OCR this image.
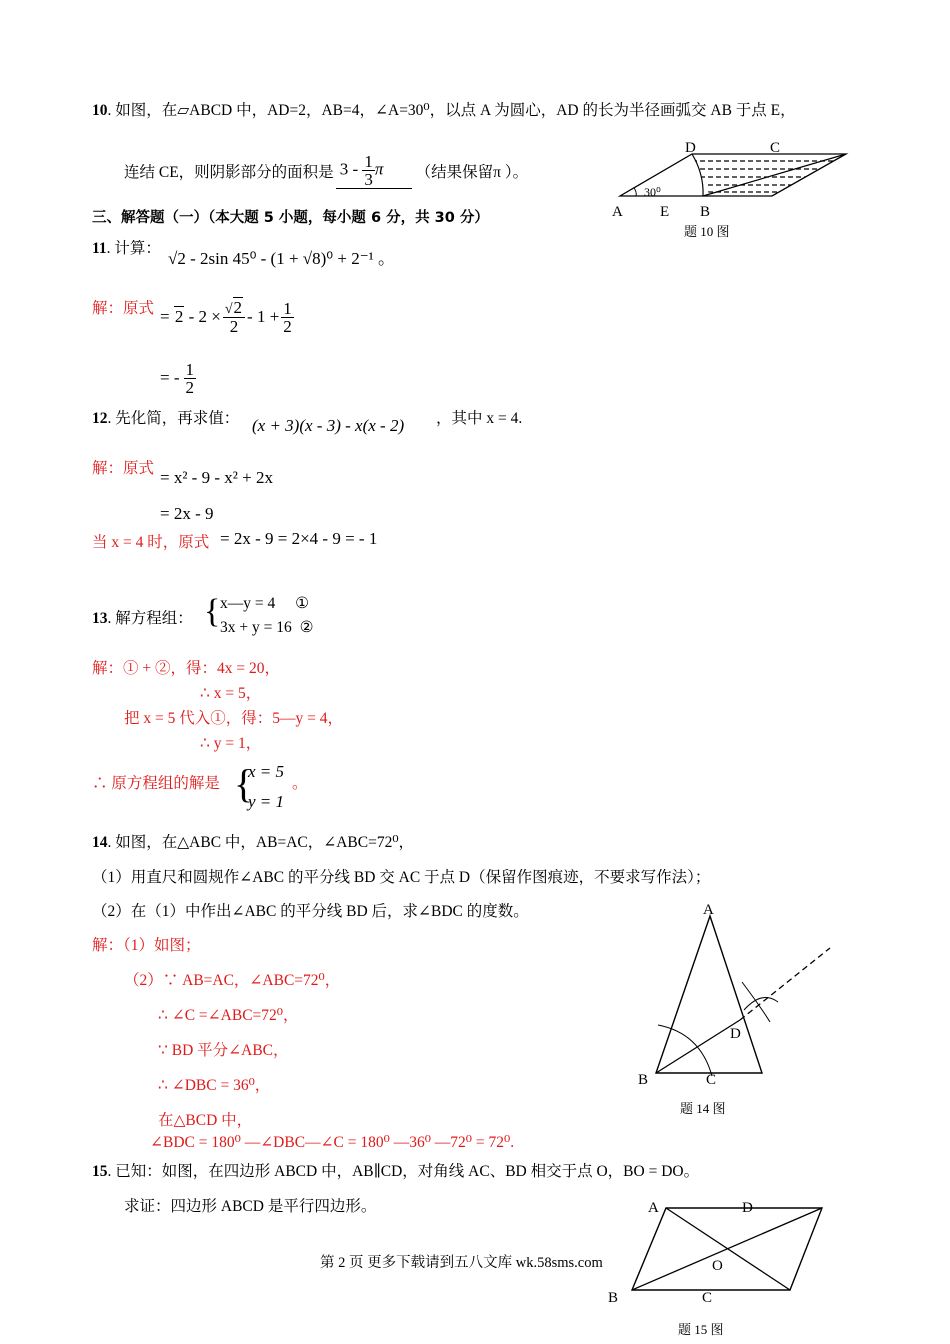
10. 如图，在▱ABCD 中，AD=2，AB=4，∠A=30⁰，以点 A 为圆心，AD 的长为半径画弧交 AB 于点 E，
连结 CE，则阴影部分的面积是 $3 - \frac{1}{3}$ π	（结果保留π ）。
D	C
A E B
30⁰
题 10 图
三、解答题（一）（本大题 5 小题，每小题 6 分，共 30 分）
11. 计算：
√2 - 2sin 45⁰ - (1 + √8)⁰ + 2⁻¹ 。
解：原式 = $2 - 2 \times \frac{√2}{2} - 1 + \frac{1}{2}$
= - $\frac{1}{2}$
12. 先化简，再求值： (x + 3)(x - 3) - x(x - 2) ，其中 x = 4.
解：原式 = x² - 9 - x² + 2x
= 2x - 9
当 x = 4 时，原式 = 2x - 9 = 2×4 - 9 = - 1
13. 解方程组： { x—y = 4 ①
3x + y = 16 ②
解：① + ②，得：4x = 20，
∴ x = 5，
把 x = 5 代入①，得：5—y = 4，
∴ y = 1，
∴ 原方程组的解是 {
x = 5
y = 1
。
14. 如图，在△ABC 中，AB=AC，∠ABC=72⁰，
（1）用直尺和圆规作∠ABC 的平分线 BD 交 AC 于点 D（保留作图痕迹，不要求写作法）；
（2）在（1）中作出∠ABC 的平分线 BD 后，求∠BDC 的度数。
解：（1）如图；
（2）∵ AB=AC，∠ABC=72⁰，
∴ ∠C =∠ABC=72⁰，
∵ BD 平分∠ABC，
∴ ∠DBC = 36⁰，
在△BCD 中，
∠BDC = 180⁰ —∠DBC—∠C = 180⁰ —36⁰ —72⁰ = 72⁰.
A
D
B	C
题 14 图
15. 已知：如图，在四边形 ABCD 中，AB∥CD，对角线 AC、BD 相交于点 O，BO = DO。
求证：四边形 ABCD 是平行四边形。	A	D
O
B	C
题 15 图
第 2 页 更多下载请到五八文库 wk.58sms.com
